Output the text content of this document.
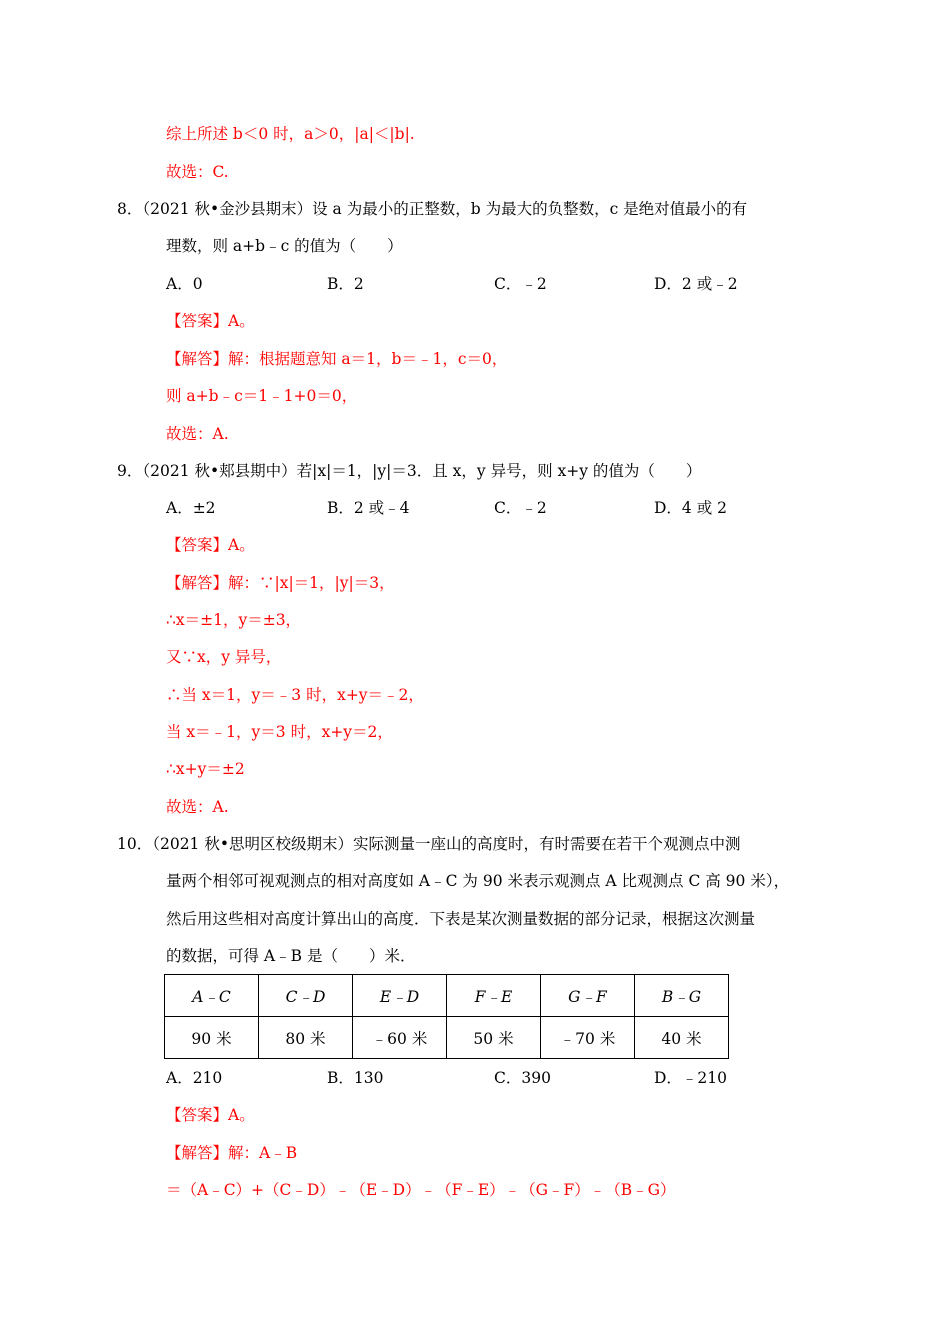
综上所述 b＜0 时，a＞0，|a|＜|b|.
故选：C.
8．（2021 秋•金沙县期末）设 a 为最小的正整数，b 为最大的负整数，c 是绝对值最小的有
理数，则 a+b﹣c 的值为（　　）
A．0	B．2	C．﹣2	D．2 或﹣2
【答案】A。
【解答】解：根据题意知 a＝1，b＝﹣1，c＝0，
则 a+b﹣c＝1﹣1+0＝0，
故选：A.
9．（2021 秋•郏县期中）若|x|＝1，|y|＝3．且 x，y 异号，则 x+y 的值为（　　）
A．±2	B．2 或﹣4	C．﹣2	D．4 或 2
【答案】A。
【解答】解：∵|x|＝1，|y|＝3，
∴x＝±1，y＝±3，
又∵x，y 异号，
∴当 x＝1，y＝﹣3 时，x+y＝﹣2，
当 x＝﹣1，y＝3 时，x+y＝2，
∴x+y＝±2
故选：A.
10．（2021 秋•思明区校级期末）实际测量一座山的高度时，有时需要在若干个观测点中测
量两个相邻可视观测点的相对高度如 A﹣C 为 90 米表示观测点 A 比观测点 C 高 90 米），
然后用这些相对高度计算出山的高度．下表是某次测量数据的部分记录，根据这次测量
的数据，可得 A﹣B 是（　　）米．
A﹣C	C﹣D	E﹣D	F﹣E	G﹣F	B﹣G
90 米	80 米	﹣60 米	50 米	﹣70 米	40 米
A．210	B．130	C．390	D．﹣210
【答案】A。
【解答】解：A﹣B
＝（A﹣C）+（C﹣D）﹣（E﹣D）﹣（F﹣E）﹣（G﹣F）﹣（B﹣G）
